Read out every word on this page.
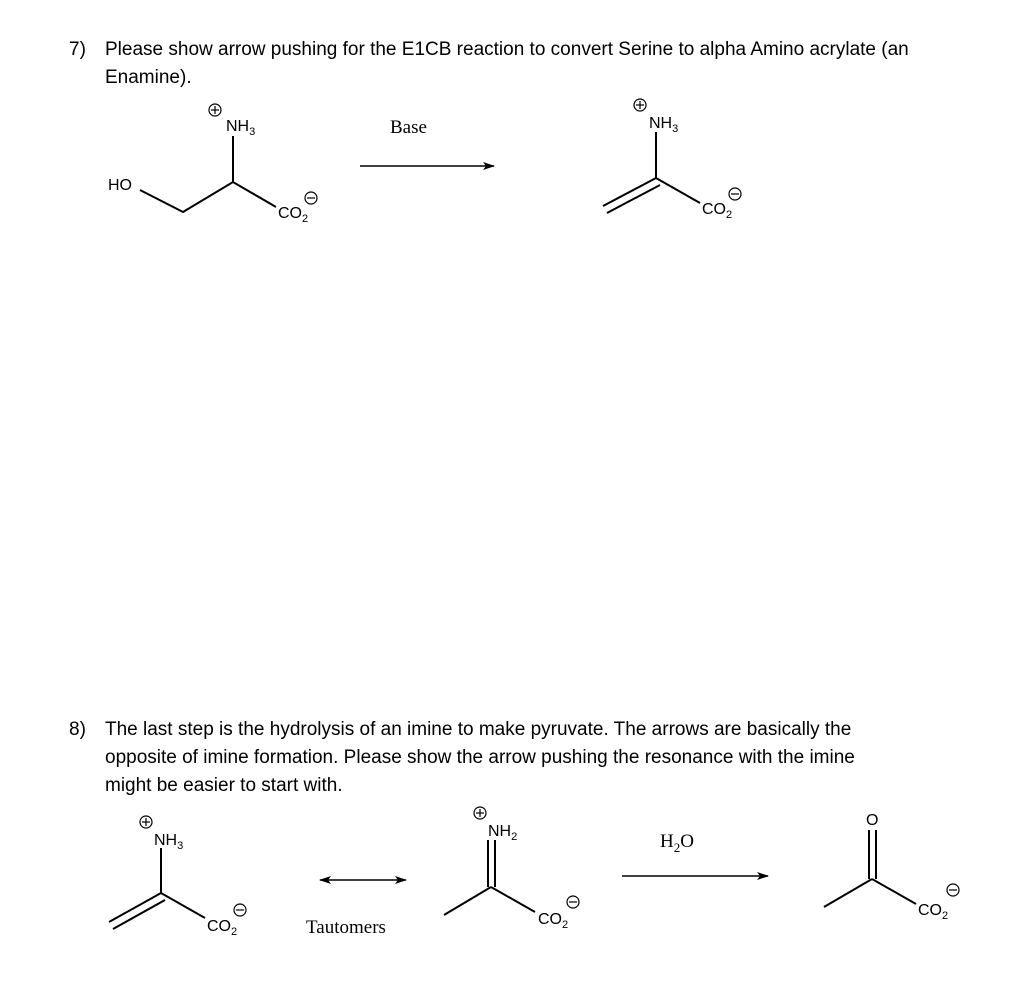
7) Please show arrow pushing for the E1CB reaction to convert Serine to alpha Amino acrylate (an
Enamine).
8) The last step is the hydrolysis of an imine to make pyruvate. The arrows are basically the
opposite of imine formation. Please show the arrow pushing the resonance with the imine
might be easier to start with.
HO
$NH_3$
$CO_2$
Base	$NH_3$
$CO_2$
$NH_3$
$CO_2$	Tautomers
$NH_2$
$CO_2$
$H_2O$
O
$CO_2$
